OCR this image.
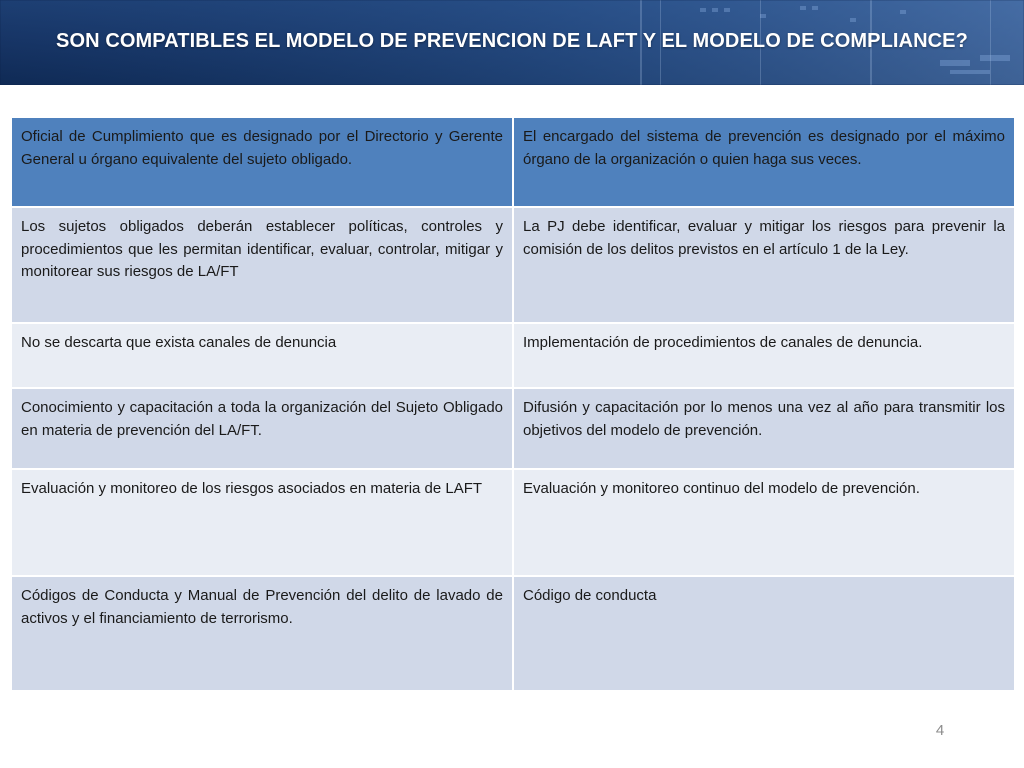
SON COMPATIBLES EL MODELO DE PREVENCION DE LAFT Y EL MODELO DE COMPLIANCE?
Oficial de Cumplimiento que es designado por el Directorio y Gerente General u órgano equivalente del sujeto obligado.	El encargado del sistema de prevención es designado por el máximo órgano de la organización o quien haga sus veces.
Los sujetos obligados deberán establecer políticas, controles y procedimientos que les permitan identificar, evaluar, controlar, mitigar y monitorear sus riesgos de LA/FT	La PJ debe identificar, evaluar y mitigar los riesgos para prevenir la comisión de los delitos previstos en el artículo 1 de la Ley.
No se descarta que exista canales de denuncia	Implementación de procedimientos de canales de denuncia.
Conocimiento y capacitación a toda la organización del Sujeto Obligado en materia de prevención del LA/FT.	Difusión y capacitación por lo menos una vez al año para transmitir los objetivos del modelo de prevención.
Evaluación y monitoreo de los riesgos asociados en materia de LAFT	Evaluación y monitoreo continuo del modelo de prevención.
Códigos de Conducta y Manual de Prevención del delito de lavado de activos y el financiamiento de terrorismo.	Código de conducta
4
